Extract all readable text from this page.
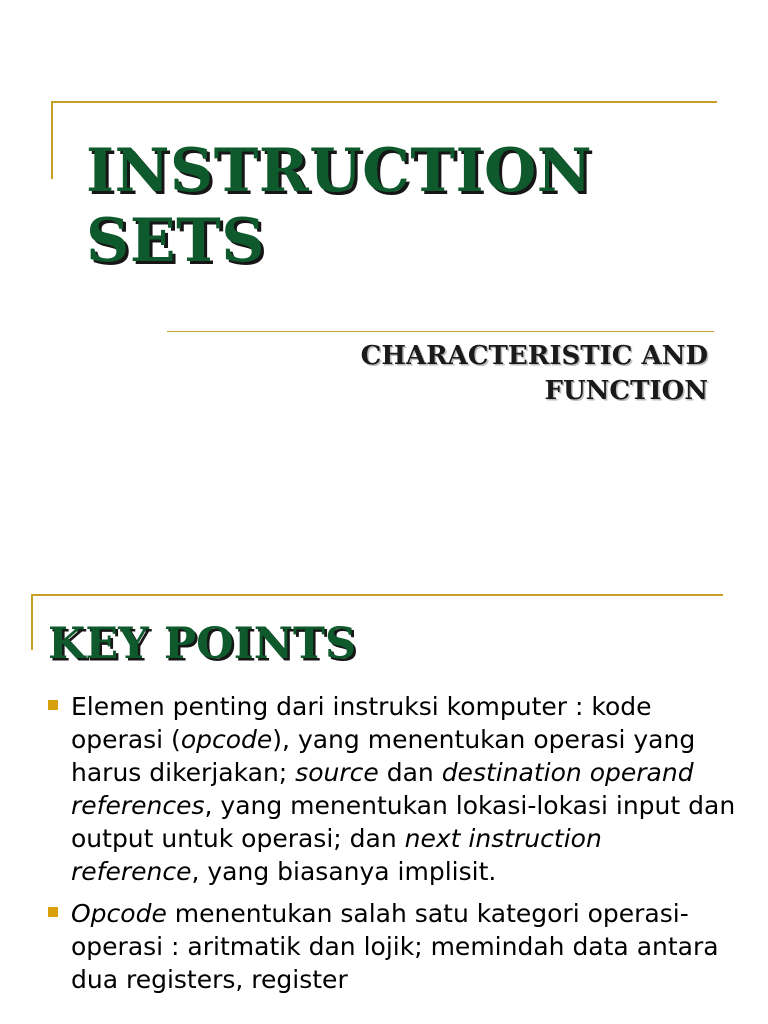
INSTRUCTION SETS

CHARACTERISTIC AND FUNCTION

KEY POINTS
Elemen penting dari instruksi komputer : kode operasi (opcode), yang menentukan operasi yang harus dikerjakan; source dan destination operand references, yang menentukan lokasi-lokasi input dan output untuk operasi; dan next instruction reference, yang biasanya implisit.
Opcode menentukan salah satu kategori operasi-operasi : aritmatik dan lojik; memindah data antara dua registers, register
